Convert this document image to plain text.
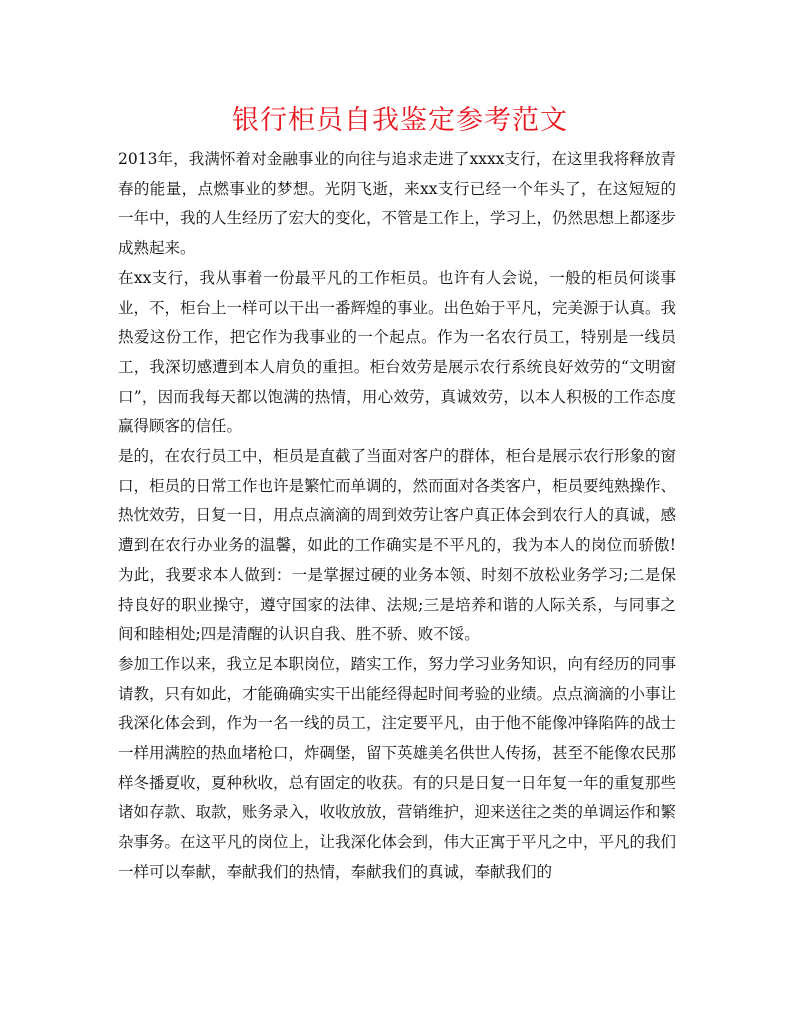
银行柜员自我鉴定参考范文

2013年，我满怀着对金融事业的向往与追求走进了xxxx支行，在这里我将释放青春的能量，点燃事业的梦想。光阴飞逝，来xx支行已经一个年头了，在这短短的一年中，我的人生经历了宏大的变化，不管是工作上，学习上，仍然思想上都逐步成熟起来。

在xx支行，我从事着一份最平凡的工作柜员。也许有人会说，一般的柜员何谈事业，不，柜台上一样可以干出一番辉煌的事业。出色始于平凡，完美源于认真。我热爱这份工作，把它作为我事业的一个起点。作为一名农行员工，特别是一线员工，我深切感遭到本人肩负的重担。柜台效劳是展示农行系统良好效劳的“文明窗口”，因而我每天都以饱满的热情，用心效劳，真诚效劳，以本人积极的工作态度赢得顾客的信任。

是的，在农行员工中，柜员是直截了当面对客户的群体，柜台是展示农行形象的窗口，柜员的日常工作也许是繁忙而单调的，然而面对各类客户，柜员要纯熟操作、热忱效劳，日复一日，用点点滴滴的周到效劳让客户真正体会到农行人的真诚，感遭到在农行办业务的温馨，如此的工作确实是不平凡的，我为本人的岗位而骄傲!为此，我要求本人做到：一是掌握过硬的业务本领、时刻不放松业务学习;二是保持良好的职业操守，遵守国家的法律、法规;三是培养和谐的人际关系，与同事之间和睦相处;四是清醒的认识自我、胜不骄、败不馁。

参加工作以来，我立足本职岗位，踏实工作，努力学习业务知识，向有经历的同事请教，只有如此，才能确确实实干出能经得起时间考验的业绩。点点滴滴的小事让我深化体会到，作为一名一线的员工，注定要平凡，由于他不能像冲锋陷阵的战士一样用满腔的热血堵枪口，炸碉堡，留下英雄美名供世人传扬，甚至不能像农民那样冬播夏收，夏种秋收，总有固定的收获。有的只是日复一日年复一年的重复那些诸如存款、取款，账务录入，收收放放，营销维护，迎来送往之类的单调运作和繁杂事务。在这平凡的岗位上，让我深化体会到，伟大正寓于平凡之中，平凡的我们一样可以奉献，奉献我们的热情，奉献我们的真诚，奉献我们的
